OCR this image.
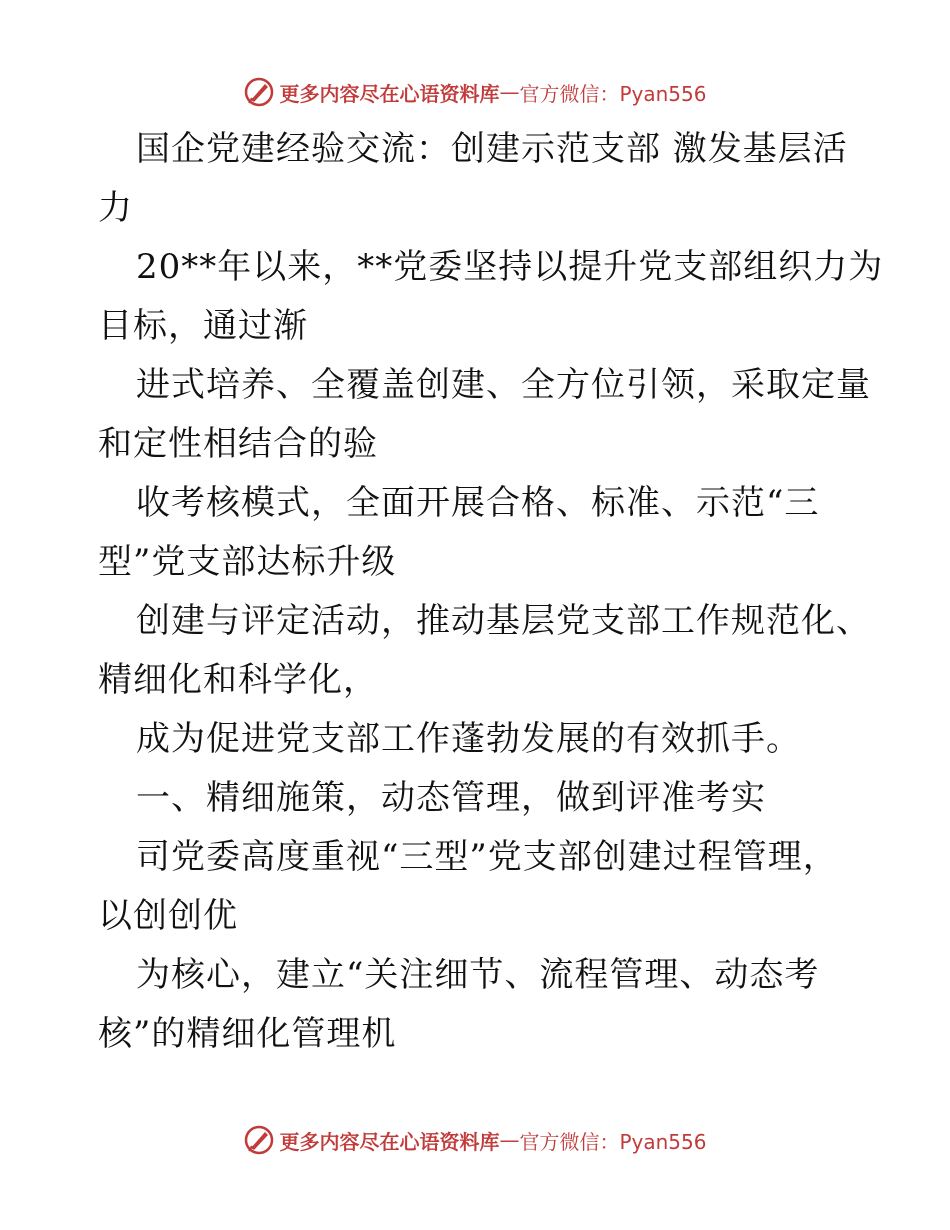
更多内容尽在心语资料库 — 官方微信：Pyan556
国企党建经验交流：创建示范支部 激发基层活
力
20**年以来，**党委坚持以提升党支部组织力为
目标，通过渐
进式培养、全覆盖创建、全方位引领，采取定量
和定性相结合的验
收考核模式，全面开展合格、标准、示范“三
型”党支部达标升级
创建与评定活动，推动基层党支部工作规范化、
精细化和科学化，
成为促进党支部工作蓬勃发展的有效抓手。
一、精细施策，动态管理，做到评准考实
司党委高度重视“三型”党支部创建过程管理，
以创创优
为核心，建立“关注细节、流程管理、动态考
核”的精细化管理机
更多内容尽在心语资料库 — 官方微信：Pyan556
